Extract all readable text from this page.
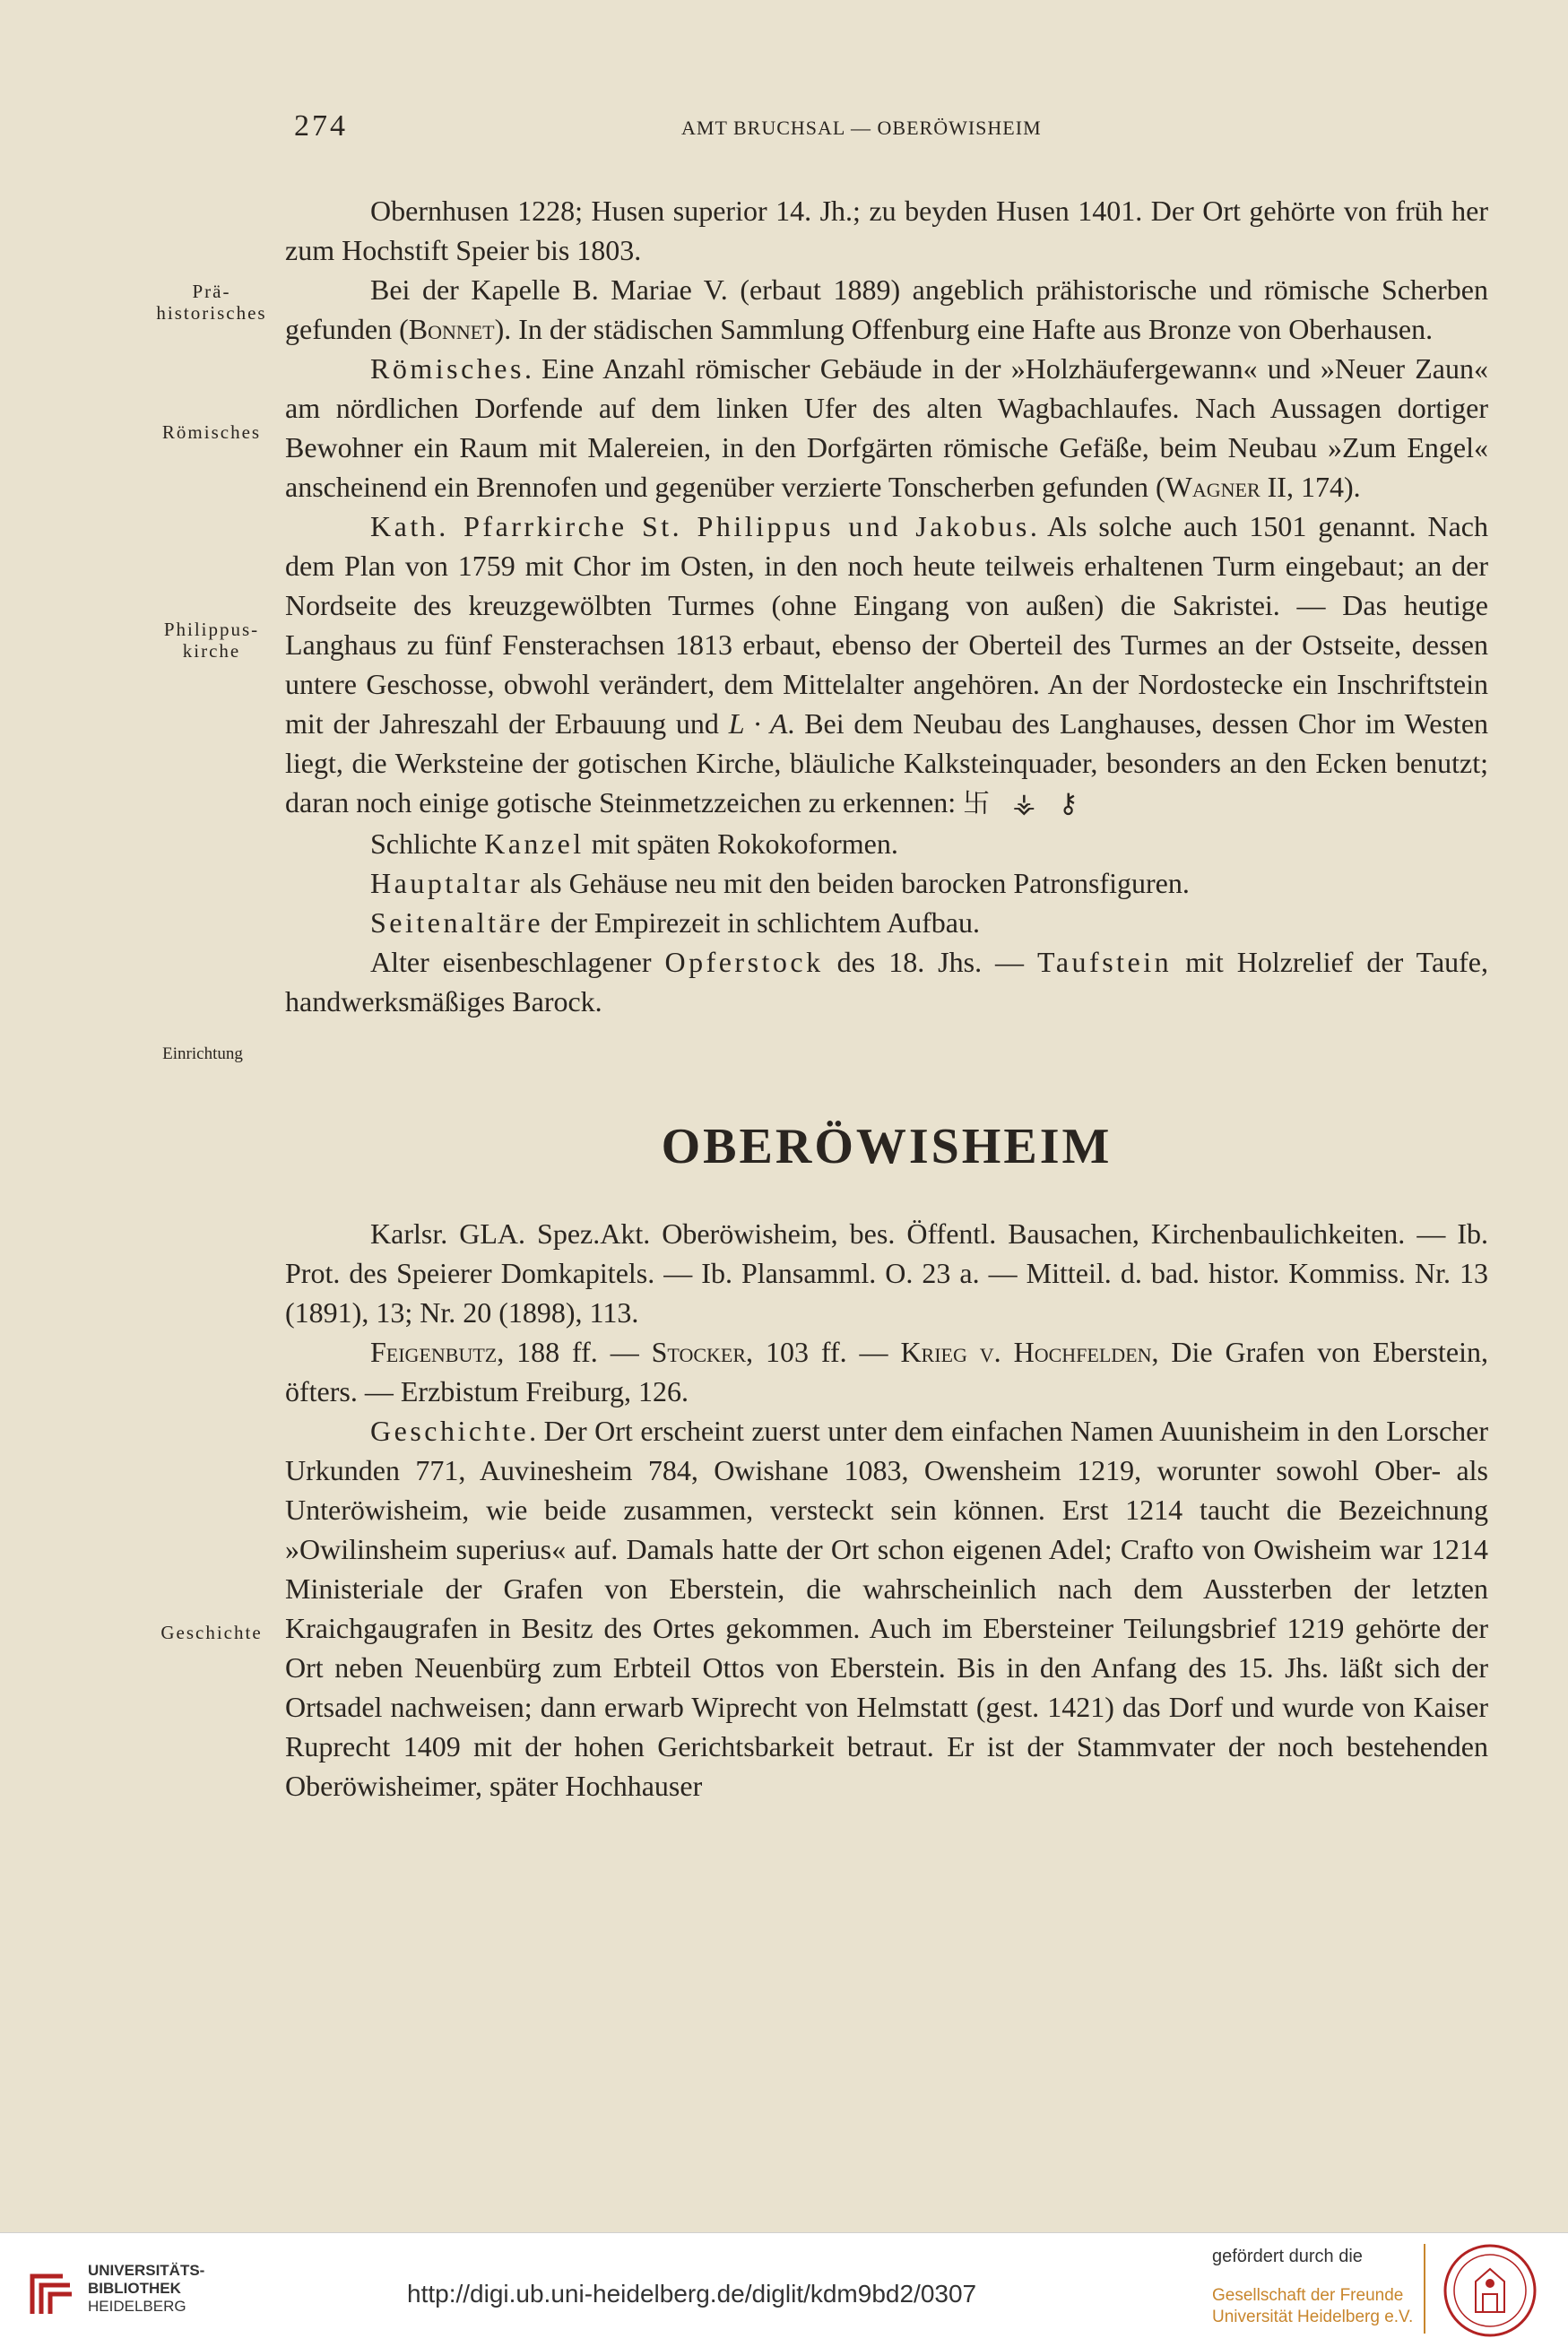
274	AMT BRUCHSAL — OBERÖWISHEIM
Prä-
historisches
Römisches
Philippus-
kirche
Einrichtung
Geschichte

Obernhusen 1228; Husen superior 14. Jh.; zu beyden Husen 1401. Der Ort gehörte von früh her zum Hochstift Speier bis 1803.

Bei der Kapelle B. Mariae V. (erbaut 1889) angeblich prähistorische und römische Scherben gefunden (Bonnet). In der städischen Sammlung Offenburg eine Hafte aus Bronze von Oberhausen.

Römisches. Eine Anzahl römischer Gebäude in der »Holzhäufergewann« und »Neuer Zaun« am nördlichen Dorfende auf dem linken Ufer des alten Wagbachlaufes. Nach Aussagen dortiger Bewohner ein Raum mit Malereien, in den Dorfgärten römische Gefäße, beim Neubau »Zum Engel« anscheinend ein Brennofen und gegenüber verzierte Tonscherben gefunden (Wagner II, 174).

Kath. Pfarrkirche St. Philippus und Jakobus. Als solche auch 1501 genannt. Nach dem Plan von 1759 mit Chor im Osten, in den noch heute teilweis erhaltenen Turm eingebaut; an der Nordseite des kreuzgewölbten Turmes (ohne Eingang von außen) die Sakristei. — Das heutige Langhaus zu fünf Fensterachsen 1813 erbaut, ebenso der Oberteil des Turmes an der Ostseite, dessen untere Geschosse, obwohl verändert, dem Mittelalter angehören. An der Nordostecke ein Inschriftstein mit der Jahreszahl der Erbauung und L · A. Bei dem Neubau des Langhauses, dessen Chor im Westen liegt, die Werksteine der gotischen Kirche, bläuliche Kalksteinquader, besonders an den Ecken benutzt; daran noch einige gotische Steinmetzzeichen zu erkennen: 卐 ⚶ ⚷

Schlichte Kanzel mit späten Rokokoformen.

Hauptaltar als Gehäuse neu mit den beiden barocken Patronsfiguren.

Seitenaltäre der Empirezeit in schlichtem Aufbau.

Alter eisenbeschlagener Opferstock des 18. Jhs. — Taufstein mit Holzrelief der Taufe, handwerksmäßiges Barock.

OBERÖWISHEIM

Karlsr. GLA. Spez.Akt. Oberöwisheim, bes. Öffentl. Bausachen, Kirchenbaulichkeiten. — Ib. Prot. des Speierer Domkapitels. — Ib. Plansamml. O. 23 a. — Mitteil. d. bad. histor. Kommiss. Nr. 13 (1891), 13; Nr. 20 (1898), 113.

Feigenbutz, 188 ff. — Stocker, 103 ff. — Krieg v. Hochfelden, Die Grafen von Eberstein, öfters. — Erzbistum Freiburg, 126.

Geschichte. Der Ort erscheint zuerst unter dem einfachen Namen Auunisheim in den Lorscher Urkunden 771, Auvinesheim 784, Owishane 1083, Owensheim 1219, worunter sowohl Ober- als Unteröwisheim, wie beide zusammen, versteckt sein können. Erst 1214 taucht die Bezeichnung »Owilinsheim superius« auf. Damals hatte der Ort schon eigenen Adel; Crafto von Owisheim war 1214 Ministeriale der Grafen von Eberstein, die wahrscheinlich nach dem Aussterben der letzten Kraichgaugrafen in Besitz des Ortes gekommen. Auch im Ebersteiner Teilungsbrief 1219 gehörte der Ort neben Neuenbürg zum Erbteil Ottos von Eberstein. Bis in den Anfang des 15. Jhs. läßt sich der Ortsadel nachweisen; dann erwarb Wiprecht von Helmstatt (gest. 1421) das Dorf und wurde von Kaiser Ruprecht 1409 mit der hohen Gerichtsbarkeit betraut. Er ist der Stammvater der noch bestehenden Oberöwisheimer, später Hochhauser

UNIVERSITÄTS-
BIBLIOTHEK
HEIDELBERG	http://digi.ub.uni-heidelberg.de/diglit/kdm9bd2/0307
gefördert durch die
Gesellschaft der Freunde
Universität Heidelberg e.V.
